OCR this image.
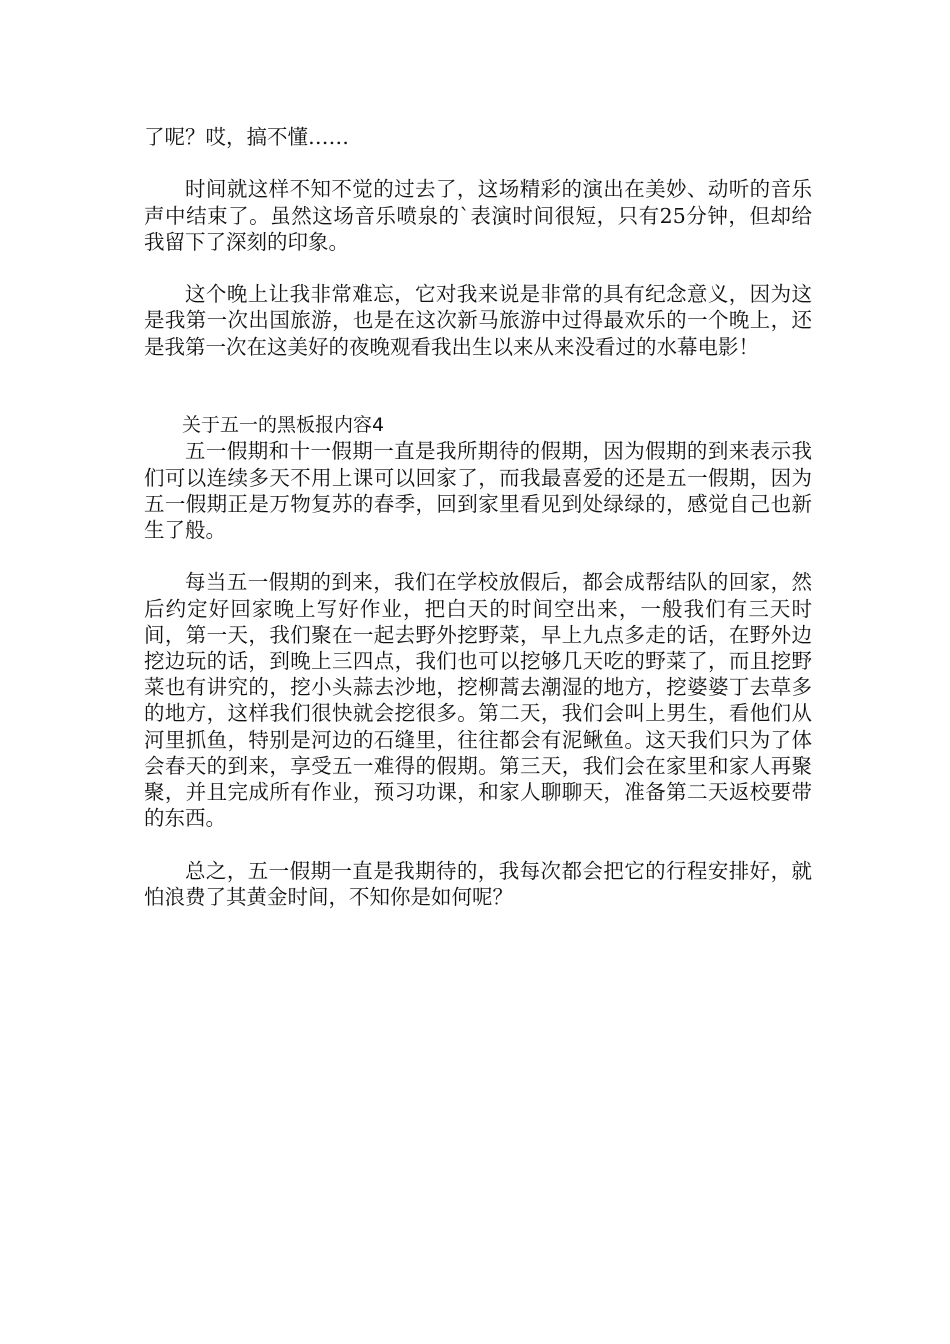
了呢？哎，搞不懂……

时间就这样不知不觉的过去了，这场精彩的演出在美妙、动听的音乐声中结束了。虽然这场音乐喷泉的`表演时间很短，只有25分钟，但却给我留下了深刻的印象。

这个晚上让我非常难忘，它对我来说是非常的具有纪念意义，因为这是我第一次出国旅游，也是在这次新马旅游中过得最欢乐的一个晚上，还是我第一次在这美好的夜晚观看我出生以来从来没看过的水幕电影！

关于五一的黑板报内容4

五一假期和十一假期一直是我所期待的假期，因为假期的到来表示我们可以连续多天不用上课可以回家了，而我最喜爱的还是五一假期，因为五一假期正是万物复苏的春季，回到家里看见到处绿绿的，感觉自己也新生了般。

每当五一假期的到来，我们在学校放假后，都会成帮结队的回家，然后约定好回家晚上写好作业，把白天的时间空出来，一般我们有三天时间，第一天，我们聚在一起去野外挖野菜，早上九点多走的话，在野外边挖边玩的话，到晚上三四点，我们也可以挖够几天吃的野菜了，而且挖野菜也有讲究的，挖小头蒜去沙地，挖柳蒿去潮湿的地方，挖婆婆丁去草多的地方，这样我们很快就会挖很多。第二天，我们会叫上男生，看他们从河里抓鱼，特别是河边的石缝里，往往都会有泥鳅鱼。这天我们只为了体会春天的到来，享受五一难得的假期。第三天，我们会在家里和家人再聚聚，并且完成所有作业，预习功课，和家人聊聊天，准备第二天返校要带的东西。

总之，五一假期一直是我期待的，我每次都会把它的行程安排好，就怕浪费了其黄金时间，不知你是如何呢？
